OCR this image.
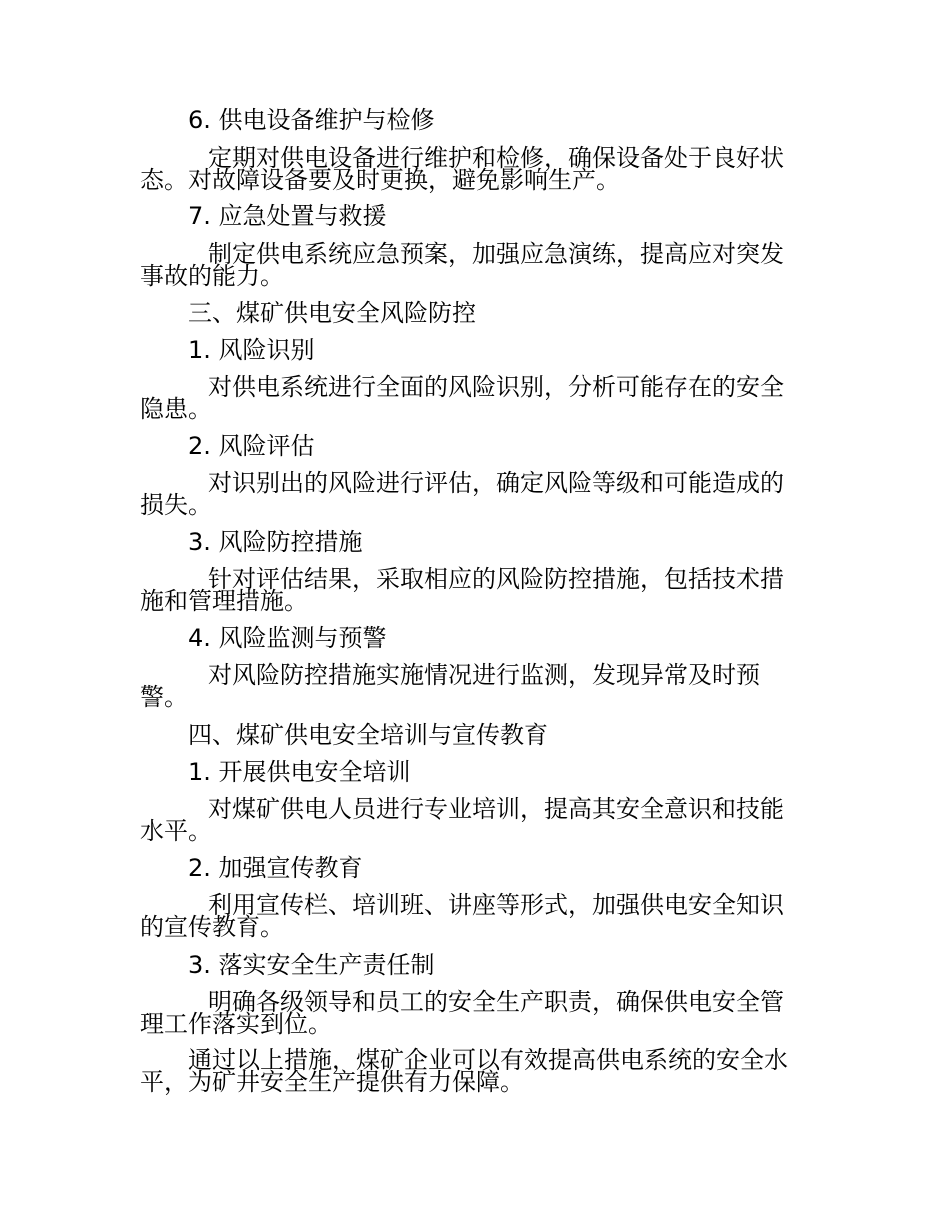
6. 供电设备维护与检修
定期对供电设备进行维护和检修，确保设备处于良好状
态。对故障设备要及时更换，避免影响生产。
7. 应急处置与救援
制定供电系统应急预案，加强应急演练，提高应对突发
事故的能力。
三、煤矿供电安全风险防控
1. 风险识别
对供电系统进行全面的风险识别，分析可能存在的安全
隐患。
2. 风险评估
对识别出的风险进行评估，确定风险等级和可能造成的
损失。
3. 风险防控措施
针对评估结果，采取相应的风险防控措施，包括技术措
施和管理措施。
4. 风险监测与预警
对风险防控措施实施情况进行监测，发现异常及时预
警。
四、煤矿供电安全培训与宣传教育
1. 开展供电安全培训
对煤矿供电人员进行专业培训，提高其安全意识和技能
水平。
2. 加强宣传教育
利用宣传栏、培训班、讲座等形式，加强供电安全知识
的宣传教育。
3. 落实安全生产责任制
明确各级领导和员工的安全生产职责，确保供电安全管
理工作落实到位。
通过以上措施，煤矿企业可以有效提高供电系统的安全水
平，为矿井安全生产提供有力保障。
